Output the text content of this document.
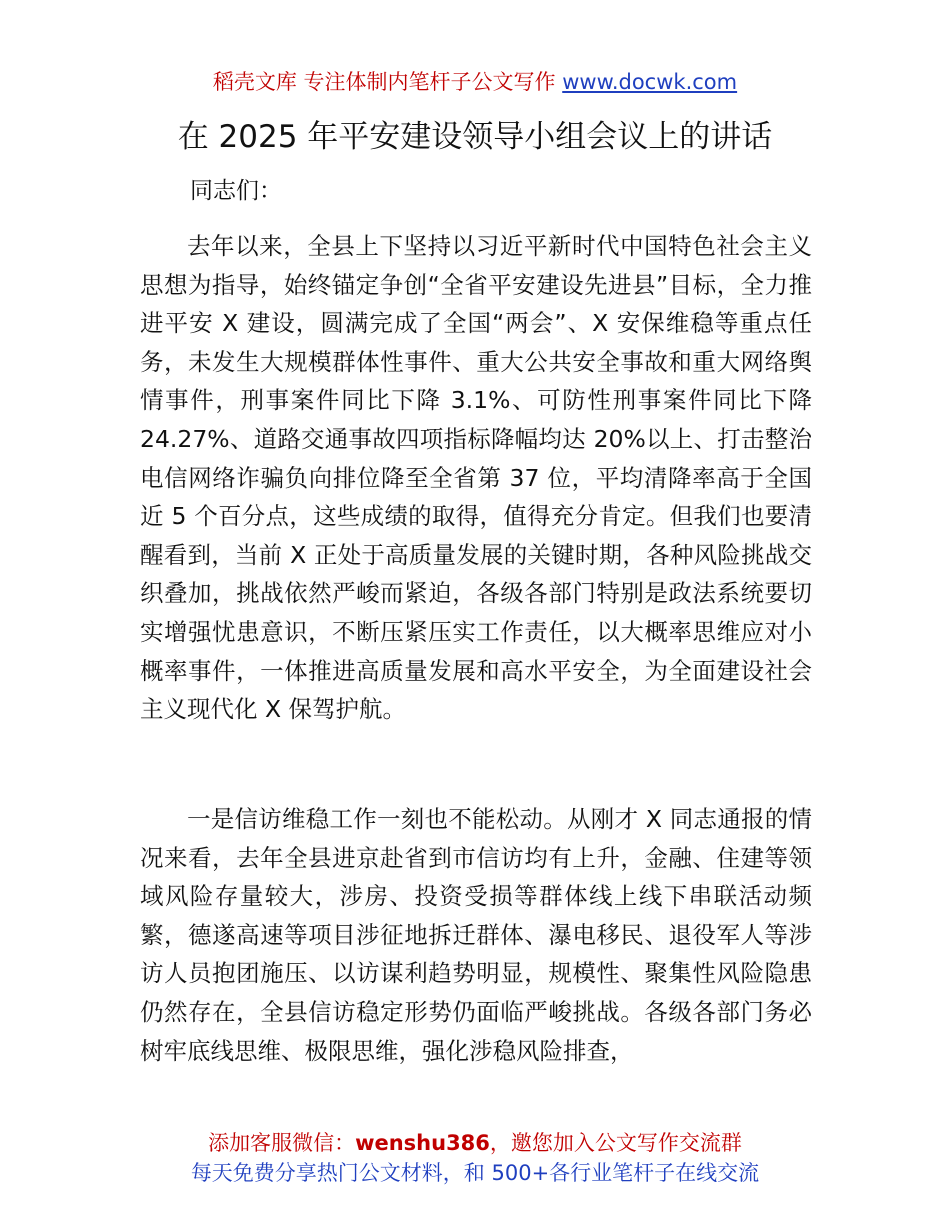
稻壳文库 专注体制内笔杆子公文写作 www.docwk.com
在 2025 年平安建设领导小组会议上的讲话

同志们：

去年以来，全县上下坚持以习近平新时代中国特色社会主义思想为指导，始终锚定争创“全省平安建设先进县”目标，全力推进平安 X 建设，圆满完成了全国“两会”、X 安保维稳等重点任务，未发生大规模群体性事件、重大公共安全事故和重大网络舆情事件，刑事案件同比下降 3.1%、可防性刑事案件同比下降 24.27%、道路交通事故四项指标降幅均达 20%以上、打击整治电信网络诈骗负向排位降至全省第 37 位，平均清降率高于全国近 5 个百分点，这些成绩的取得，值得充分肯定。但我们也要清醒看到，当前 X 正处于高质量发展的关键时期，各种风险挑战交织叠加，挑战依然严峻而紧迫，各级各部门特别是政法系统要切实增强忧患意识，不断压紧压实工作责任，以大概率思维应对小概率事件，一体推进高质量发展和高水平安全，为全面建设社会主义现代化 X 保驾护航。

一是信访维稳工作一刻也不能松动。从刚才 X 同志通报的情况来看，去年全县进京赴省到市信访均有上升，金融、住建等领域风险存量较大，涉房、投资受损等群体线上线下串联活动频繁，德遂高速等项目涉征地拆迁群体、瀑电移民、退役军人等涉访人员抱团施压、以访谋利趋势明显，规模性、聚集性风险隐患仍然存在，全县信访稳定形势仍面临严峻挑战。各级各部门务必树牢底线思维、极限思维，强化涉稳风险排查，

添加客服微信：wenshu386，邀您加入公文写作交流群
每天免费分享热门公文材料，和 500+各行业笔杆子在线交流
